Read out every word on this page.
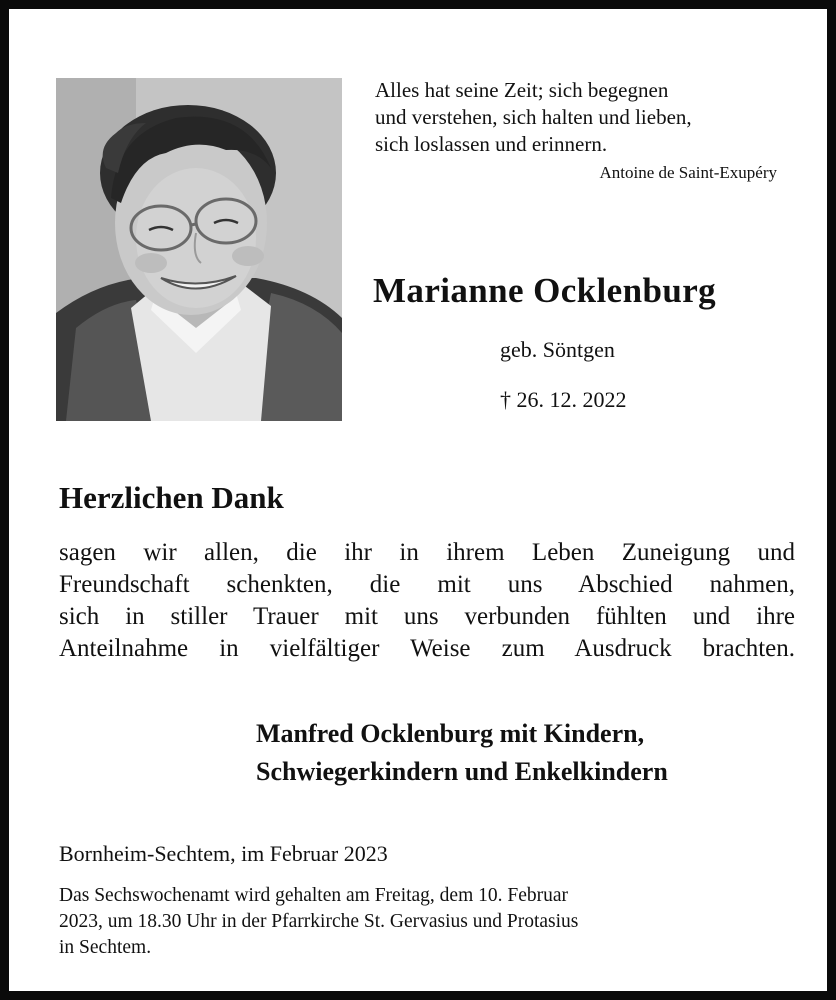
Alles hat seine Zeit; sich begegnen
und verstehen, sich halten und lieben,
sich loslassen und erinnern.
Antoine de Saint-Exupéry
Marianne Ocklenburg
geb. Söntgen
† 26. 12. 2022
Herzlichen Dank
sagen wir allen, die ihr in ihrem Leben Zuneigung und
Freundschaft schenkten, die mit uns Abschied nahmen,
sich in stiller Trauer mit uns verbunden fühlten und ihre
Anteilnahme in vielfältiger Weise zum Ausdruck brachten.
Manfred Ocklenburg mit Kindern,
Schwiegerkindern und Enkelkindern
Bornheim-Sechtem, im Februar 2023
Das Sechswochenamt wird gehalten am Freitag, dem 10. Februar
2023, um 18.30 Uhr in der Pfarrkirche St. Gervasius und Protasius
in Sechtem.
